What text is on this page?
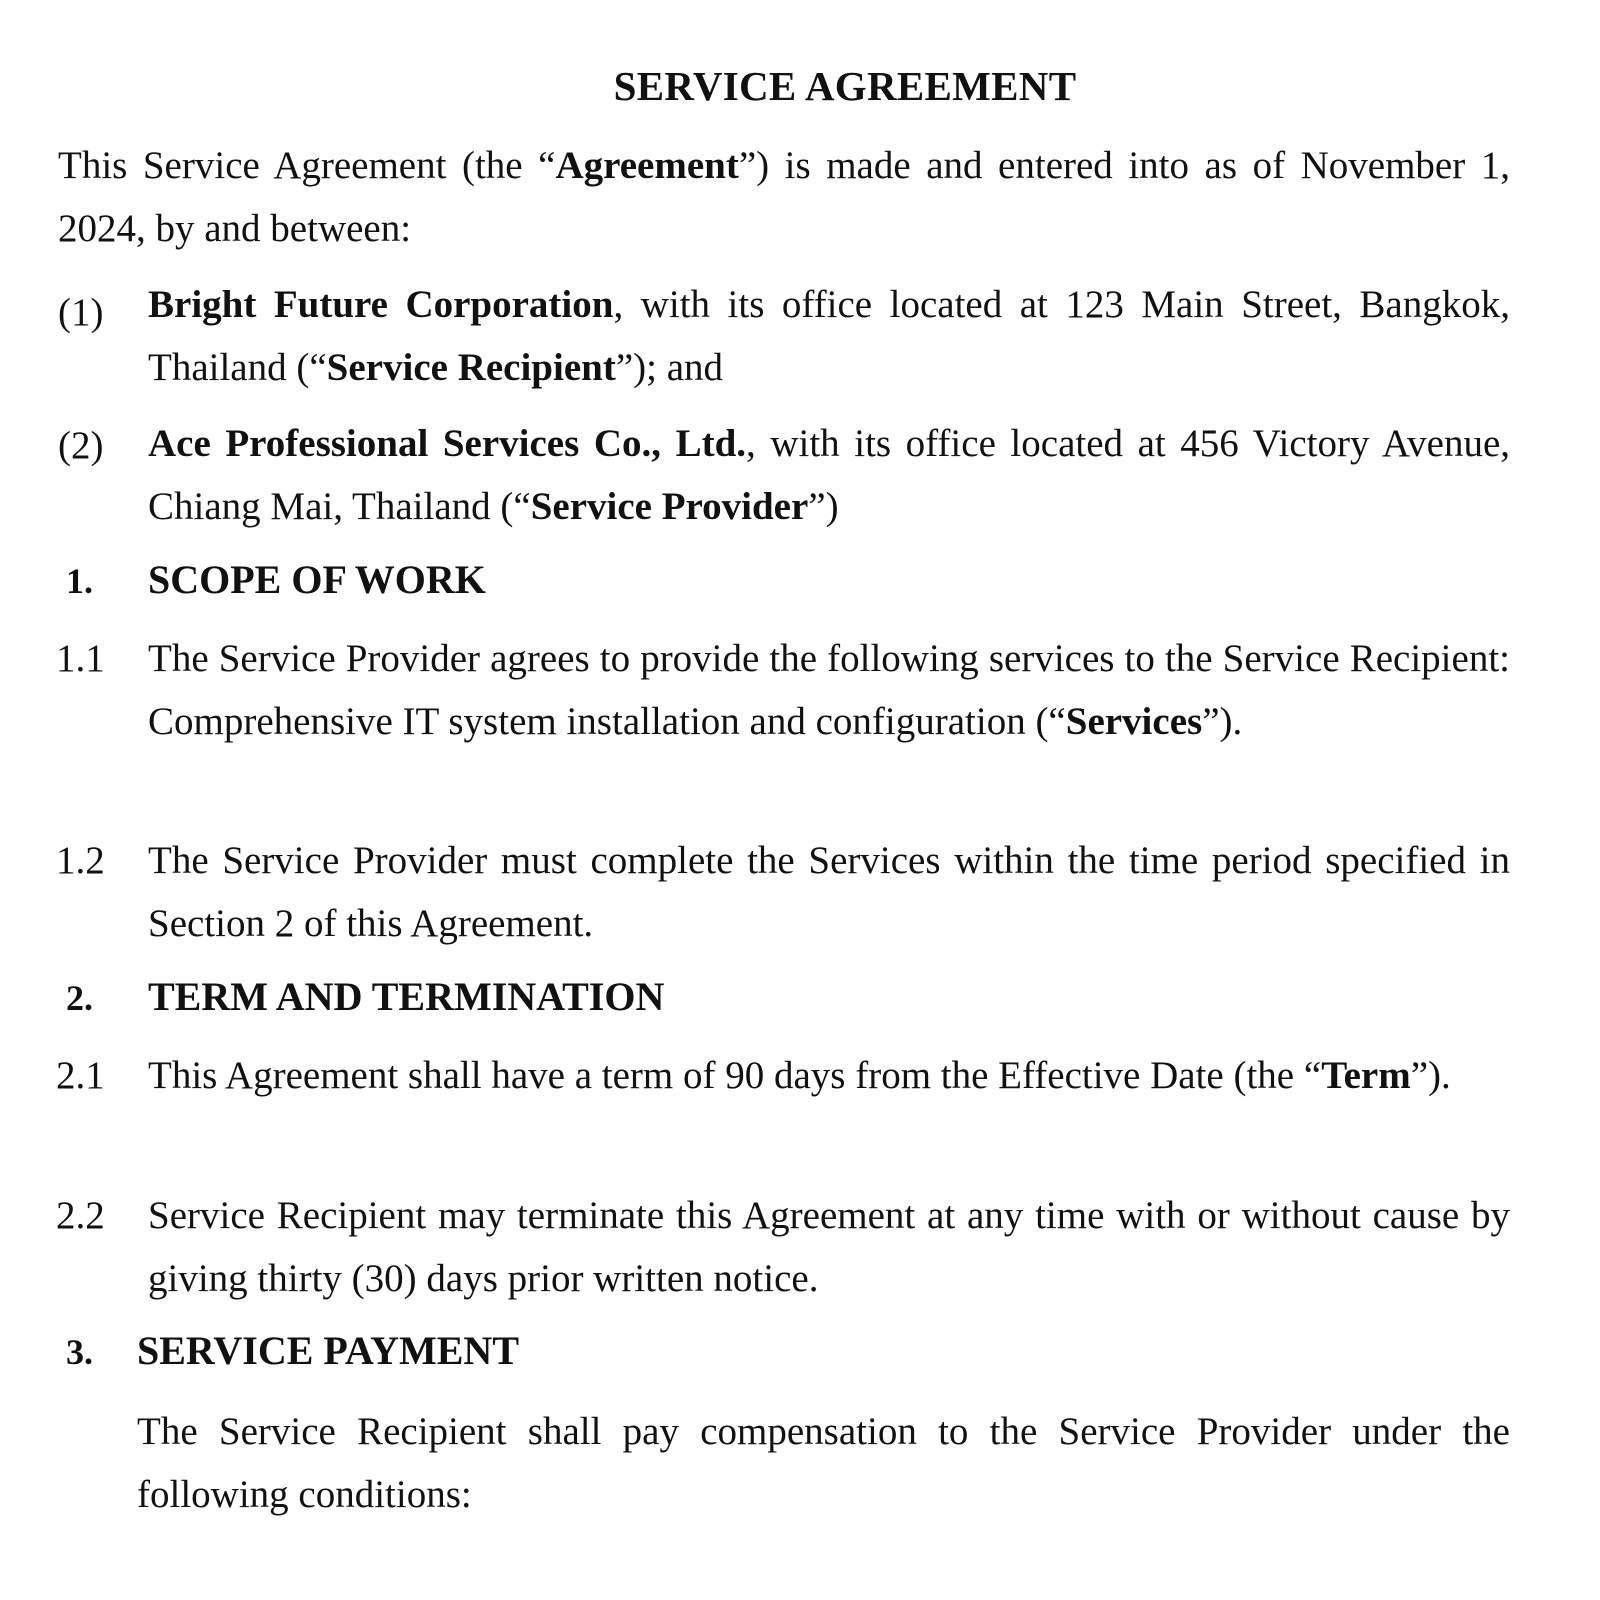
SERVICE AGREEMENT
This Service Agreement (the “Agreement”) is made and entered into as of November 1, 2024, by and between:
(1) Bright Future Corporation, with its office located at 123 Main Street, Bangkok, Thailand (“Service Recipient”); and
(2) Ace Professional Services Co., Ltd., with its office located at 456 Victory Avenue, Chiang Mai, Thailand (“Service Provider”)
1. SCOPE OF WORK
1.1 The Service Provider agrees to provide the following services to the Service Recipient: Comprehensive IT system installation and configuration (“Services”).
1.2 The Service Provider must complete the Services within the time period specified in Section 2 of this Agreement.
2. TERM AND TERMINATION
2.1 This Agreement shall have a term of 90 days from the Effective Date (the “Term”).
2.2 Service Recipient may terminate this Agreement at any time with or without cause by giving thirty (30) days prior written notice.
3. SERVICE PAYMENT
The Service Recipient shall pay compensation to the Service Provider under the following conditions:
